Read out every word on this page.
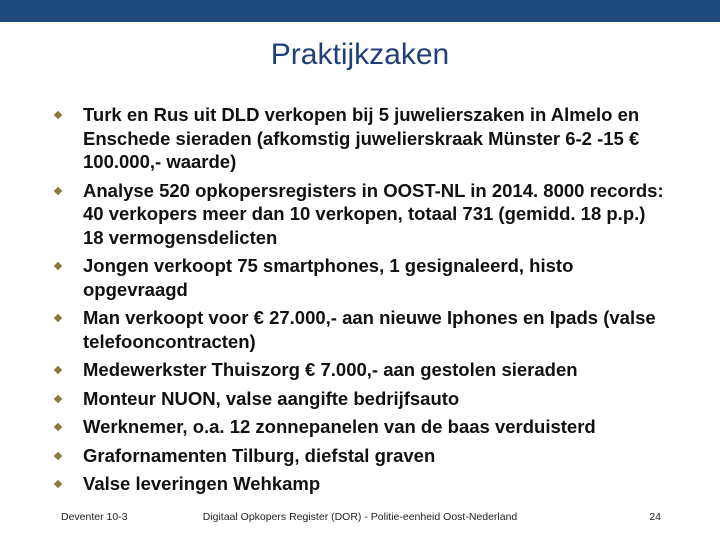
Praktijkzaken
Turk en Rus uit DLD verkopen bij 5 juwelierszaken in Almelo en Enschede sieraden (afkomstig juwelierskraak Münster 6-2 -15 € 100.000,- waarde)
Analyse 520 opkopersregisters in OOST-NL in 2014. 8000 records: 40 verkopers meer dan 10 verkopen, totaal 731 (gemidd. 18 p.p.) 18 vermogensdelicten
Jongen verkoopt 75 smartphones, 1 gesignaleerd, histo opgevraagd
Man verkoopt voor € 27.000,- aan nieuwe Iphones en Ipads (valse telefooncontracten)
Medewerkster Thuiszorg € 7.000,- aan gestolen sieraden
Monteur NUON, valse aangifte bedrijfsauto
Werknemer, o.a. 12 zonnepanelen van de baas verduisterd
Grafornamenten Tilburg, diefstal graven
Valse leveringen Wehkamp
Deventer 10-3	Digitaal Opkopers Register (DOR) - Politie-eenheid Oost-Nederland	24
